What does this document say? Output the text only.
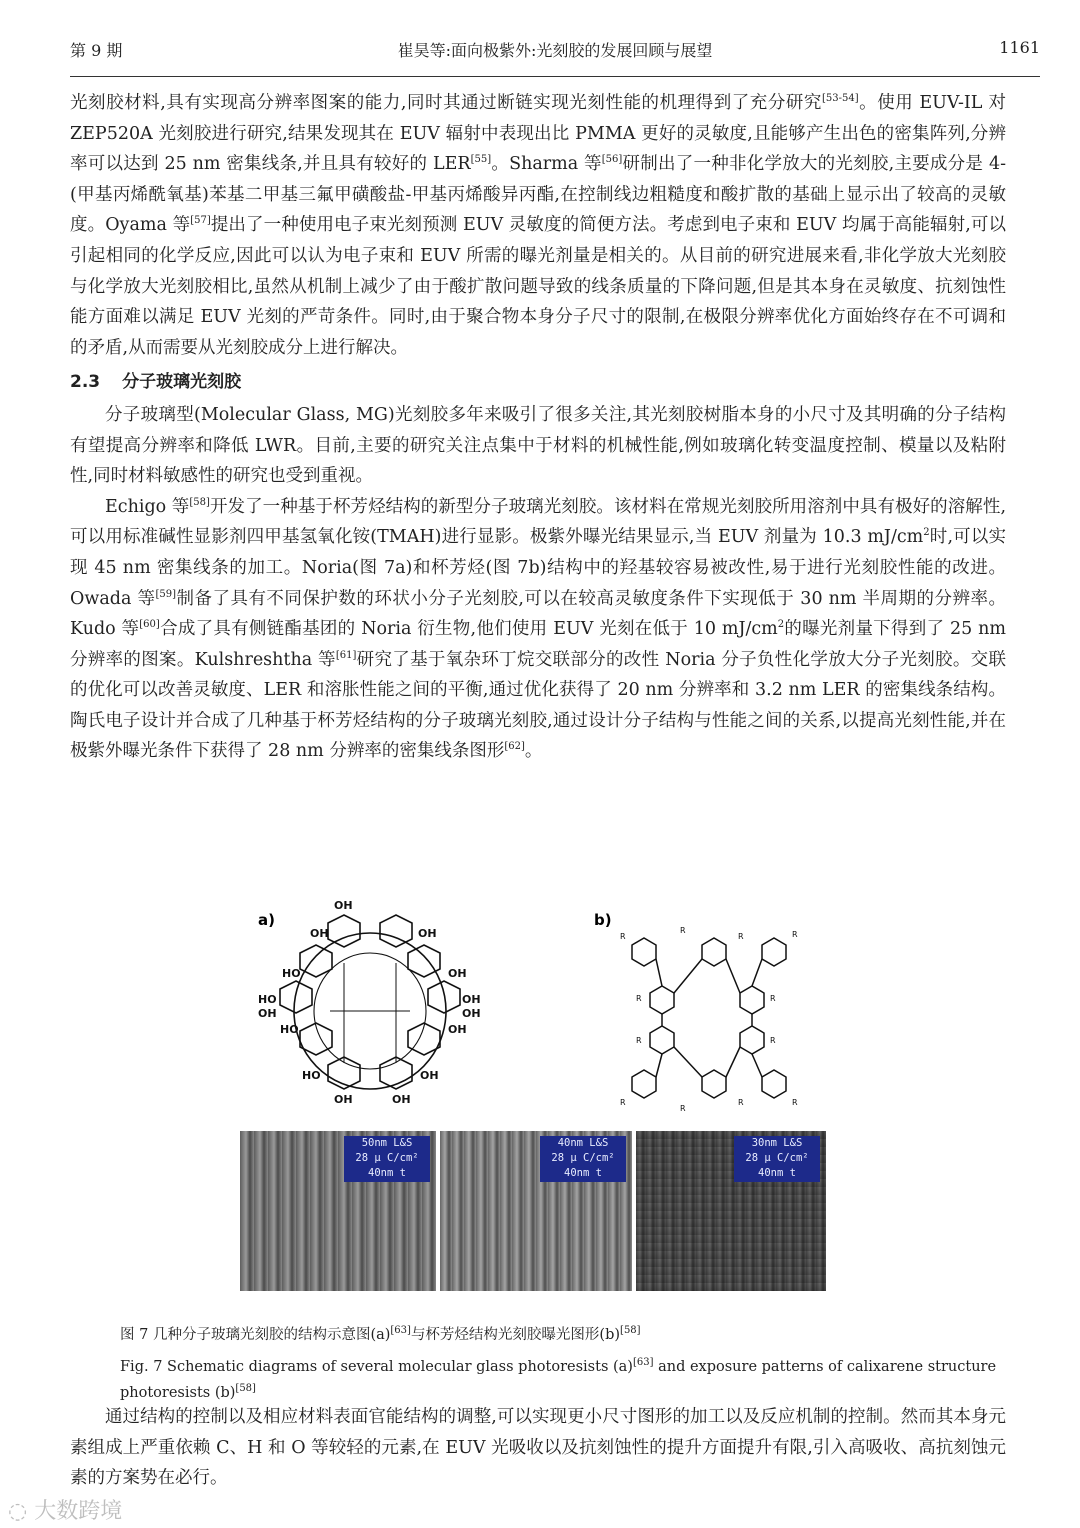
第 9 期	崔昊等:面向极紫外:光刻胶的发展回顾与展望	1161

光刻胶材料,具有实现高分辨率图案的能力,同时其通过断链实现光刻性能的机理得到了充分研究[53-54]。使用 EUV-IL 对 ZEP520A 光刻胶进行研究,结果发现其在 EUV 辐射中表现出比 PMMA 更好的灵敏度,且能够产生出色的密集阵列,分辨率可以达到 25 nm 密集线条,并且具有较好的 LER[55]。Sharma 等[56]研制出了一种非化学放大的光刻胶,主要成分是 4-(甲基丙烯酰氧基)苯基二甲基三氟甲磺酸盐-甲基丙烯酸异丙酯,在控制线边粗糙度和酸扩散的基础上显示出了较高的灵敏度。Oyama 等[57]提出了一种使用电子束光刻预测 EUV 灵敏度的简便方法。考虑到电子束和 EUV 均属于高能辐射,可以引起相同的化学反应,因此可以认为电子束和 EUV 所需的曝光剂量是相关的。从目前的研究进展来看,非化学放大光刻胶与化学放大光刻胶相比,虽然从机制上减少了由于酸扩散问题导致的线条质量的下降问题,但是其本身在灵敏度、抗刻蚀性能方面难以满足 EUV 光刻的严苛条件。同时,由于聚合物本身分子尺寸的限制,在极限分辨率优化方面始终存在不可调和的矛盾,从而需要从光刻胶成分上进行解决。

2.3 分子玻璃光刻胶

分子玻璃型(Molecular Glass, MG)光刻胶多年来吸引了很多关注,其光刻胶树脂本身的小尺寸及其明确的分子结构有望提高分辨率和降低 LWR。目前,主要的研究关注点集中于材料的机械性能,例如玻璃化转变温度控制、模量以及粘附性,同时材料敏感性的研究也受到重视。

Echigo 等[58]开发了一种基于杯芳烃结构的新型分子玻璃光刻胶。该材料在常规光刻胶所用溶剂中具有极好的溶解性,可以用标准碱性显影剂四甲基氢氧化铵(TMAH)进行显影。极紫外曝光结果显示,当 EUV 剂量为 10.3 $mJ/cm^2$时,可以实现 45 nm 密集线条的加工。Noria(图 7a)和杯芳烃(图 7b)结构中的羟基较容易被改性,易于进行光刻胶性能的改进。Owada 等[59]制备了具有不同保护数的环状小分子光刻胶,可以在较高灵敏度条件下实现低于 30 nm 半周期的分辨率。Kudo 等[60]合成了具有侧链酯基团的 Noria 衍生物,他们使用 EUV 光刻在低于 10 $mJ/cm^2$的曝光剂量下得到了 25 nm 分辨率的图案。Kulshreshtha 等[61]研究了基于氧杂环丁烷交联部分的改性 Noria 分子负性化学放大分子光刻胶。交联的优化可以改善灵敏度、LER 和溶胀性能之间的平衡,通过优化获得了 20 nm 分辨率和 3.2 nm LER 的密集线条结构。陶氏电子设计并合成了几种基于杯芳烃结构的分子玻璃光刻胶,通过设计分子结构与性能之间的关系,以提高光刻性能,并在极紫外曝光条件下获得了 28 nm 分辨率的密集线条图形[62]。

a)	b)
OH
OH	OH
HO	OH
HO	OH
OH	OH
HO	OH
HO	OH
OH	OH
R
R
R	R
R	R
R	R
R
R
R	R
50nm L&S
28 μ C/cm²
40nm t
40nm L&S
28 μ C/cm²
40nm t
30nm L&S
28 μ C/cm²
40nm t
图 7 几种分子玻璃光刻胶的结构示意图(a)[63]与杯芳烃结构光刻胶曝光图形(b)[58]
Fig. 7 Schematic diagrams of several molecular glass photoresists (a)[63] and exposure patterns of calixarene structure photoresists (b)[58]

通过结构的控制以及相应材料表面官能结构的调整,可以实现更小尺寸图形的加工以及反应机制的控制。然而其本身元素组成上严重依赖 C、H 和 O 等较轻的元素,在 EUV 光吸收以及抗刻蚀性的提升方面提升有限,引入高吸收、高抗刻蚀元素的方案势在必行。

◌ 大数跨境
